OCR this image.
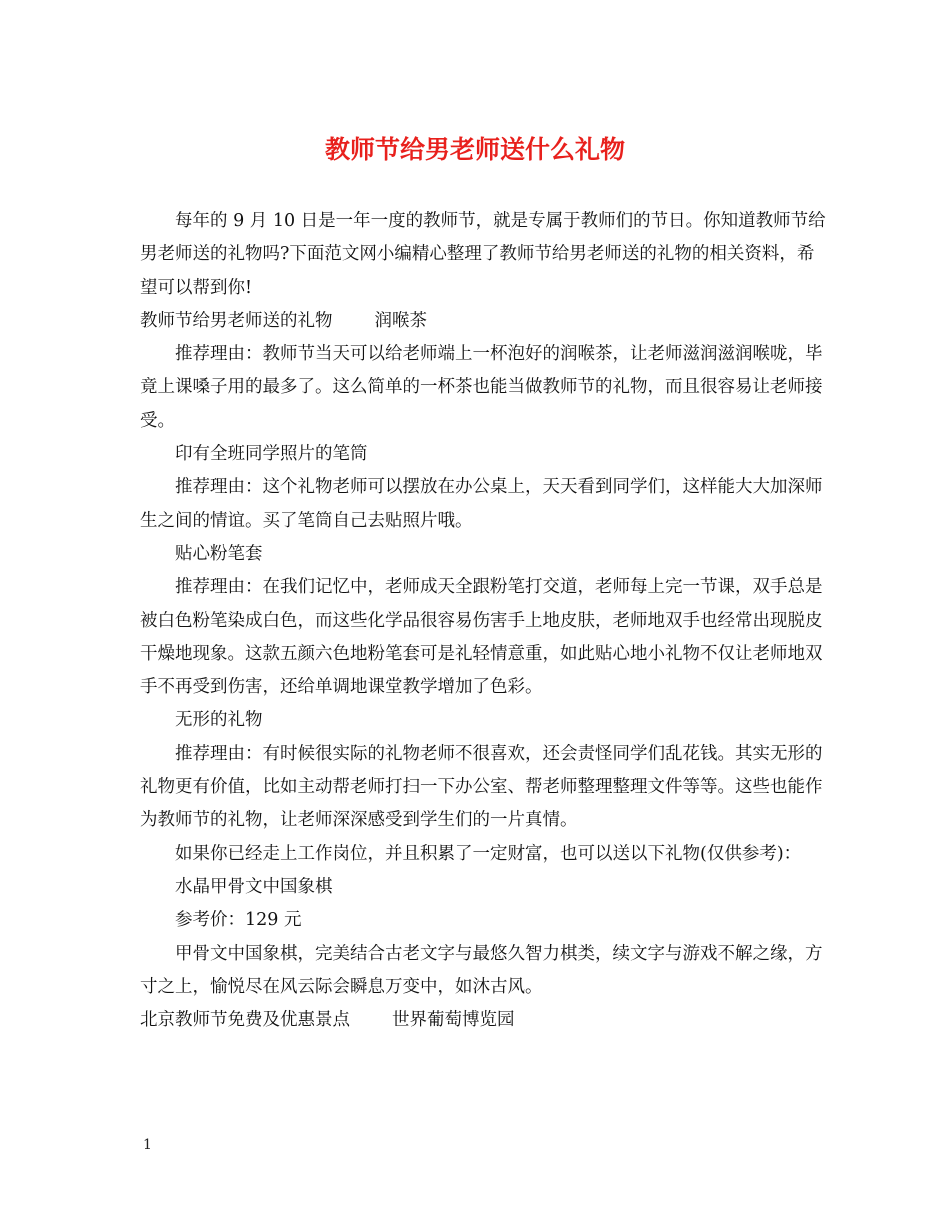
教师节给男老师送什么礼物

每年的 9 月 10 日是一年一度的教师节，就是专属于教师们的节日。你知道教师节给男老师送的礼物吗?下面范文网小编精心整理了教师节给男老师送的礼物的相关资料，希望可以帮到你!

教师节给男老师送的礼物 润喉茶

推荐理由：教师节当天可以给老师端上一杯泡好的润喉茶，让老师滋润滋润喉咙，毕竟上课嗓子用的最多了。这么简单的一杯茶也能当做教师节的礼物，而且很容易让老师接受。

印有全班同学照片的笔筒

推荐理由：这个礼物老师可以摆放在办公桌上，天天看到同学们，这样能大大加深师生之间的情谊。买了笔筒自己去贴照片哦。

贴心粉笔套

推荐理由：在我们记忆中，老师成天全跟粉笔打交道，老师每上完一节课，双手总是被白色粉笔染成白色，而这些化学品很容易伤害手上地皮肤，老师地双手也经常出现脱皮干燥地现象。这款五颜六色地粉笔套可是礼轻情意重，如此贴心地小礼物不仅让老师地双手不再受到伤害，还给单调地课堂教学增加了色彩。

无形的礼物

推荐理由：有时候很实际的礼物老师不很喜欢，还会责怪同学们乱花钱。其实无形的礼物更有价值，比如主动帮老师打扫一下办公室、帮老师整理整理文件等等。这些也能作为教师节的礼物，让老师深深感受到学生们的一片真情。

如果你已经走上工作岗位，并且积累了一定财富，也可以送以下礼物(仅供参考)：

水晶甲骨文中国象棋

参考价：129 元

甲骨文中国象棋，完美结合古老文字与最悠久智力棋类，续文字与游戏不解之缘，方寸之上，愉悦尽在风云际会瞬息万变中，如沐古风。

北京教师节免费及优惠景点 世界葡萄博览园

1
